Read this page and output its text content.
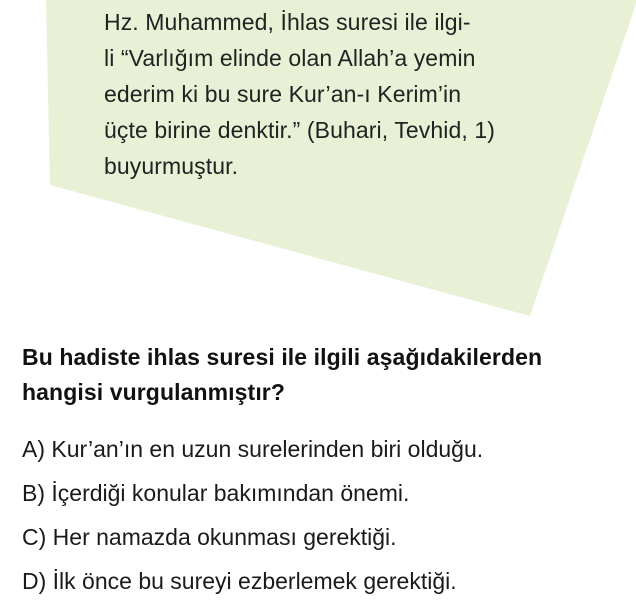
Hz. Muhammed, İhlas suresi ile ilgi-
li “Varlığım elinde olan Allah’a yemin
ederim ki bu sure Kur’an-ı Kerim’in
üçte birine denktir.” (Buhari, Tevhid, 1)
buyurmuştur.
Bu hadiste ihlas suresi ile ilgili aşağıdakilerden
hangisi vurgulanmıştır?
A) Kur’an’ın en uzun surelerinden biri olduğu.
B) İçerdiği konular bakımından önemi.
C) Her namazda okunması gerektiği.
D) İlk önce bu sureyi ezberlemek gerektiği.
